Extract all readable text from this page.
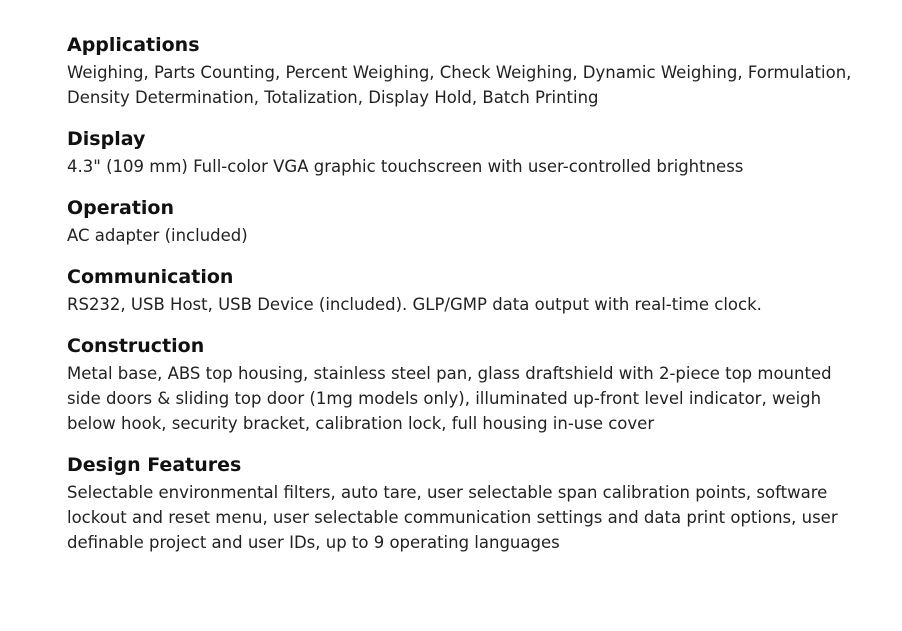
Applications

Weighing, Parts Counting, Percent Weighing, Check Weighing, Dynamic Weighing, Formulation,
Density Determination, Totalization, Display Hold, Batch Printing

Display

4.3" (109 mm) Full-color VGA graphic touchscreen with user-controlled brightness

Operation

AC adapter (included)

Communication

RS232, USB Host, USB Device (included). GLP/GMP data output with real-time clock.

Construction

Metal base, ABS top housing, stainless steel pan, glass draftshield with 2-piece top mounted
side doors & sliding top door (1mg models only), illuminated up-front level indicator, weigh
below hook, security bracket, calibration lock, full housing in-use cover

Design Features

Selectable environmental filters, auto tare, user selectable span calibration points, software
lockout and reset menu, user selectable communication settings and data print options, user
definable project and user IDs, up to 9 operating languages
